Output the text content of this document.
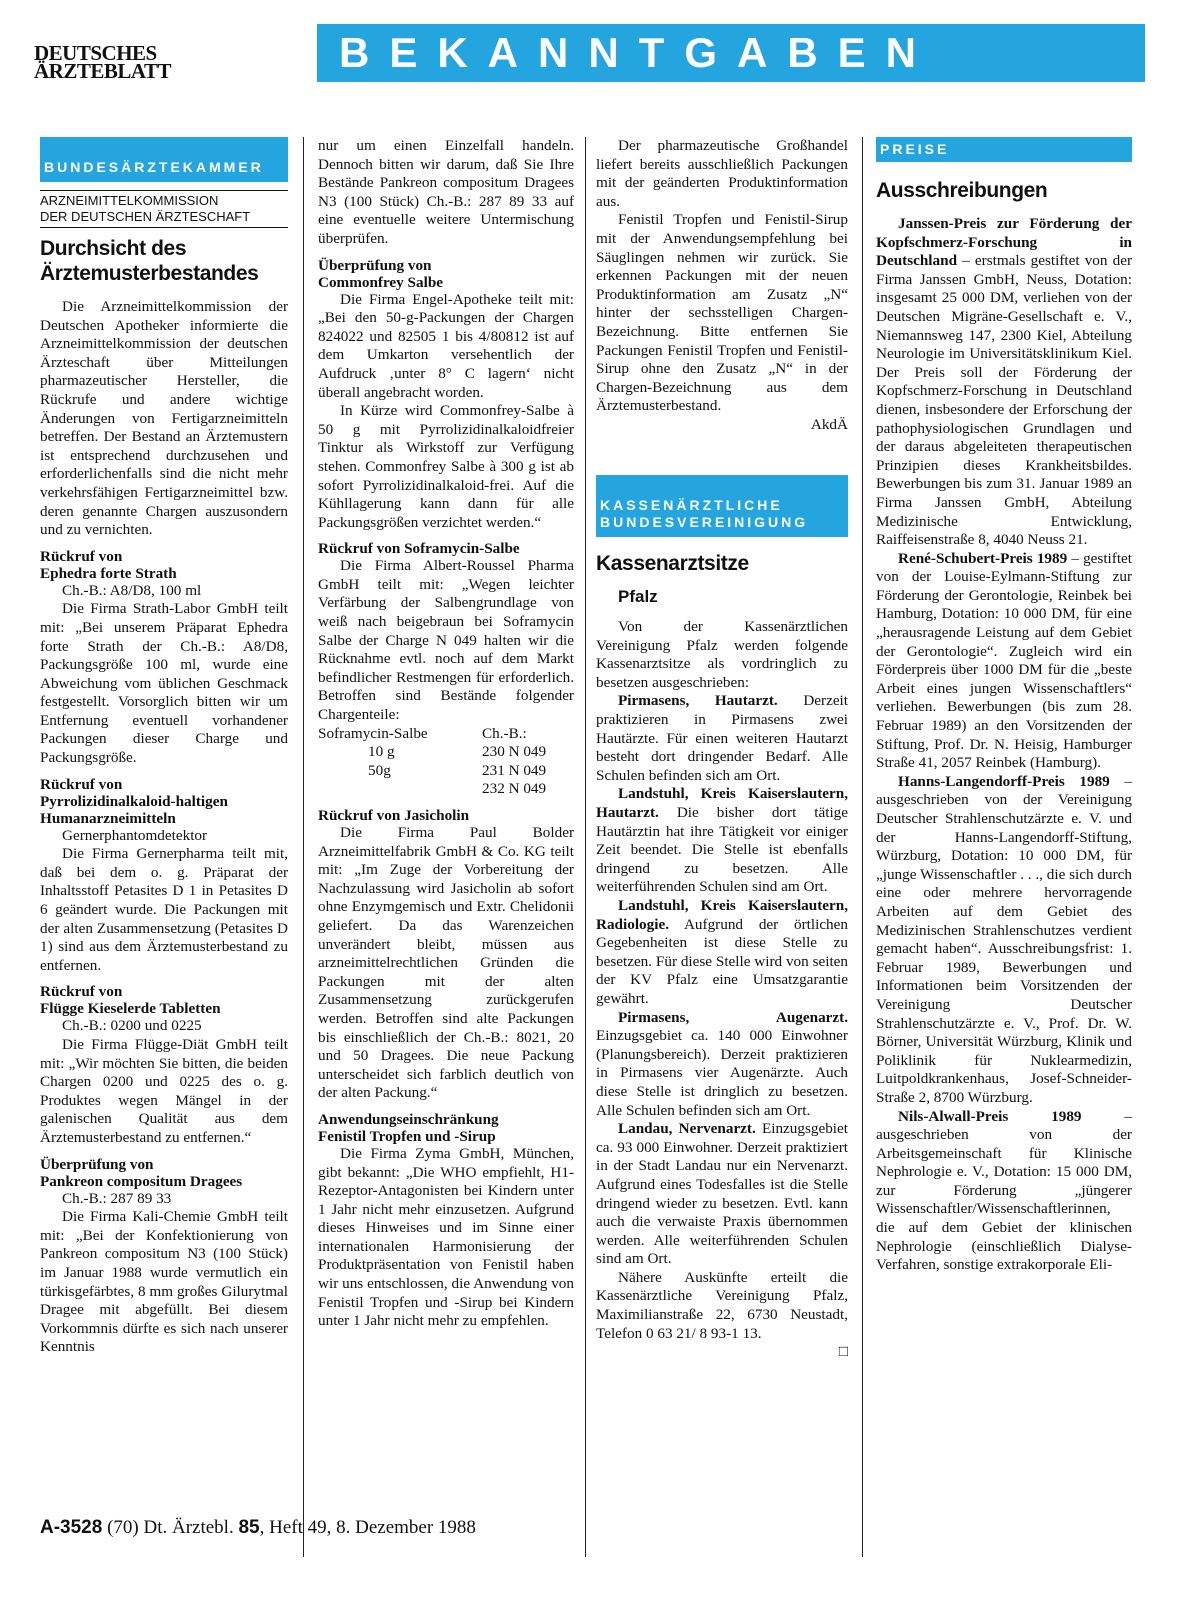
DEUTSCHES
ÄRZTEBLATT	BEKANNTGABEN
BUNDESÄRZTEKAMMER
ARZNEIMITTELKOMMISSION
DER DEUTSCHEN ÄRZTESCHAFT
Durchsicht des Ärztemusterbestandes

Die Arzneimittelkommission der Deutschen Apotheker informierte die Arzneimittelkommission der deutschen Ärzteschaft über Mitteilungen pharmazeutischer Hersteller, die Rückrufe und andere wichtige Änderungen von Fertigarzneimitteln betreffen. Der Bestand an Ärztemustern ist entsprechend durchzusehen und erforderlichenfalls sind die nicht mehr verkehrsfähigen Fertigarzneimittel bzw. deren genannte Chargen auszusondern und zu vernichten.

Rückruf von
Ephedra forte Strath

Ch.-B.: A8/D8, 100 ml

Die Firma Strath-Labor GmbH teilt mit: „Bei unserem Präparat Ephedra forte Strath der Ch.-B.: A8/D8, Packungsgröße 100 ml, wurde eine Abweichung vom üblichen Geschmack festgestellt. Vorsorglich bitten wir um Entfernung eventuell vorhandener Packungen dieser Charge und Packungsgröße.

Rückruf von
Pyrrolizidinalkaloid-haltigen
Humanarzneimitteln

Gernerphantomdetektor

Die Firma Gernerpharma teilt mit, daß bei dem o. g. Präparat der Inhaltsstoff Petasites D 1 in Petasites D 6 geändert wurde. Die Packungen mit der alten Zusammensetzung (Petasites D 1) sind aus dem Ärztemusterbestand zu entfernen.

Rückruf von
Flügge Kieselerde Tabletten

Ch.-B.: 0200 und 0225

Die Firma Flügge-Diät GmbH teilt mit: „Wir möchten Sie bitten, die beiden Chargen 0200 und 0225 des o. g. Produktes wegen Mängel in der galenischen Qualität aus dem Ärztemusterbestand zu entfernen.“

Überprüfung von
Pankreon compositum Dragees

Ch.-B.: 287 89 33

Die Firma Kali-Chemie GmbH teilt mit: „Bei der Konfektionierung von Pankreon compositum N3 (100 Stück) im Januar 1988 wurde vermutlich ein türkisgefärbtes, 8 mm großes Gilurytmal Dragee mit abgefüllt. Bei diesem Vorkommnis dürfte es sich nach unserer Kenntnis

nur um einen Einzelfall handeln. Dennoch bitten wir darum, daß Sie Ihre Bestände Pankreon compositum Dragees N3 (100 Stück) Ch.-B.: 287 89 33 auf eine eventuelle weitere Untermischung überprüfen.

Überprüfung von
Commonfrey Salbe

Die Firma Engel-Apotheke teilt mit: „Bei den 50-g-Packungen der Chargen 824022 und 82505 1 bis 4/80812 ist auf dem Umkarton versehentlich der Aufdruck ‚unter 8° C lagern‘ nicht überall angebracht worden.

In Kürze wird Commonfrey-Salbe à 50 g mit Pyrrolizidinalkaloidfreier Tinktur als Wirkstoff zur Verfügung stehen. Commonfrey Salbe à 300 g ist ab sofort Pyrrolizidinalkaloid-frei. Auf die Kühllagerung kann dann für alle Packungsgrößen verzichtet werden.“

Rückruf von Soframycin-Salbe

Die Firma Albert-Roussel Pharma GmbH teilt mit: „Wegen leichter Verfärbung der Salbengrundlage von weiß nach beigebraun bei Soframycin Salbe der Charge N 049 halten wir die Rücknahme evtl. noch auf dem Markt befindlicher Restmengen für erforderlich. Betroffen sind Bestände folgender Chargenteile:

Soframycin-Salbe	Ch.-B.:
10 g	230 N 049
50g	231 N 049
232 N 049
Rückruf von Jasicholin

Die Firma Paul Bolder Arzneimittelfabrik GmbH & Co. KG teilt mit: „Im Zuge der Vorbereitung der Nachzulassung wird Jasicholin ab sofort ohne Enzymgemisch und Extr. Chelidonii geliefert. Da das Warenzeichen unverändert bleibt, müssen aus arzneimittelrechtlichen Gründen die Packungen mit der alten Zusammensetzung zurückgerufen werden. Betroffen sind alte Packungen bis einschließlich der Ch.-B.: 8021, 20 und 50 Dragees. Die neue Packung unterscheidet sich farblich deutlich von der alten Packung.“

Anwendungseinschränkung
Fenistil Tropfen und -Sirup

Die Firma Zyma GmbH, München, gibt bekannt: „Die WHO empfiehlt, H1-Rezeptor-Antagonisten bei Kindern unter 1 Jahr nicht mehr einzusetzen. Aufgrund dieses Hinweises und im Sinne einer internationalen Harmonisierung der Produktpräsentation von Fenistil haben wir uns entschlossen, die Anwendung von Fenistil Tropfen und -Sirup bei Kindern unter 1 Jahr nicht mehr zu empfehlen.

Der pharmazeutische Großhandel liefert bereits ausschließlich Packungen mit der geänderten Produktinformation aus.

Fenistil Tropfen und Fenistil-Sirup mit der Anwendungsempfehlung bei Säuglingen nehmen wir zurück. Sie erkennen Packungen mit der neuen Produktinformation am Zusatz „N“ hinter der sechsstelligen Chargen-Bezeichnung. Bitte entfernen Sie Packungen Fenistil Tropfen und Fenistil-Sirup ohne den Zusatz „N“ in der Chargen-Bezeichnung aus dem Ärztemusterbestand.

AkdÄ
KASSENÄRZTLICHE
BUNDESVEREINIGUNG
Kassenarztsitze
Pfalz

Von der Kassenärztlichen Vereinigung Pfalz werden folgende Kassenarztsitze als vordringlich zu besetzen ausgeschrieben:

Pirmasens, Hautarzt. Derzeit praktizieren in Pirmasens zwei Hautärzte. Für einen weiteren Hautarzt besteht dort dringender Bedarf. Alle Schulen befinden sich am Ort.

Landstuhl, Kreis Kaiserslautern, Hautarzt. Die bisher dort tätige Hautärztin hat ihre Tätigkeit vor einiger Zeit beendet. Die Stelle ist ebenfalls dringend zu besetzen. Alle weiterführenden Schulen sind am Ort.

Landstuhl, Kreis Kaiserslautern, Radiologie. Aufgrund der örtlichen Gegebenheiten ist diese Stelle zu besetzen. Für diese Stelle wird von seiten der KV Pfalz eine Umsatzgarantie gewährt.

Pirmasens, Augenarzt. Einzugsgebiet ca. 140 000 Einwohner (Planungsbereich). Derzeit praktizieren in Pirmasens vier Augenärzte. Auch diese Stelle ist dringlich zu besetzen. Alle Schulen befinden sich am Ort.

Landau, Nervenarzt. Einzugsgebiet ca. 93 000 Einwohner. Derzeit praktiziert in der Stadt Landau nur ein Nervenarzt. Aufgrund eines Todesfalles ist die Stelle dringend wieder zu besetzen. Evtl. kann auch die verwaiste Praxis übernommen werden. Alle weiterführenden Schulen sind am Ort.

Nähere Auskünfte erteilt die Kassenärztliche Vereinigung Pfalz, Maximilianstraße 22, 6730 Neustadt, Telefon 0 63 21/ 8 93-1 13.

□
PREISE
Ausschreibungen

Janssen-Preis zur Förderung der Kopfschmerz-Forschung in Deutschland – erstmals gestiftet von der Firma Janssen GmbH, Neuss, Dotation: insgesamt 25 000 DM, verliehen von der Deutschen Migräne-Gesellschaft e. V., Niemannsweg 147, 2300 Kiel, Abteilung Neurologie im Universitätsklinikum Kiel. Der Preis soll der Förderung der Kopfschmerz-Forschung in Deutschland dienen, insbesondere der Erforschung der pathophysiologischen Grundlagen und der daraus abgeleiteten therapeutischen Prinzipien dieses Krankheitsbildes. Bewerbungen bis zum 31. Januar 1989 an Firma Janssen GmbH, Abteilung Medizinische Entwicklung, Raiffeisenstraße 8, 4040 Neuss 21.

René-Schubert-Preis 1989 – gestiftet von der Louise-Eylmann-Stiftung zur Förderung der Gerontologie, Reinbek bei Hamburg, Dotation: 10 000 DM, für eine „herausragende Leistung auf dem Gebiet der Gerontologie“. Zugleich wird ein Förderpreis über 1000 DM für die „beste Arbeit eines jungen Wissenschaftlers“ verliehen. Bewerbungen (bis zum 28. Februar 1989) an den Vorsitzenden der Stiftung, Prof. Dr. N. Heisig, Hamburger Straße 41, 2057 Reinbek (Hamburg).

Hanns-Langendorff-Preis 1989 – ausgeschrieben von der Vereinigung Deutscher Strahlenschutzärzte e. V. und der Hanns-Langendorff-Stiftung, Würzburg, Dotation: 10 000 DM, für „junge Wissenschaftler . . ., die sich durch eine oder mehrere hervorragende Arbeiten auf dem Gebiet des Medizinischen Strahlenschutzes verdient gemacht haben“. Ausschreibungsfrist: 1. Februar 1989, Bewerbungen und Informationen beim Vorsitzenden der Vereinigung Deutscher Strahlenschutzärzte e. V., Prof. Dr. W. Börner, Universität Würzburg, Klinik und Poliklinik für Nuklearmedizin, Luitpoldkrankenhaus, Josef-Schneider-Straße 2, 8700 Würzburg.

Nils-Alwall-Preis 1989	– ausgeschrieben von der Arbeitsgemeinschaft für Klinische Nephrologie e. V., Dotation: 15 000 DM, zur Förderung „jüngerer Wissenschaftler/Wissenschaftlerinnen, die auf dem Gebiet der klinischen Nephrologie (einschließlich Dialyse-Verfahren, sonstige extrakorporale Eli-

A-3528 (70) Dt. Ärztebl. 85, Heft 49, 8. Dezember 1988
